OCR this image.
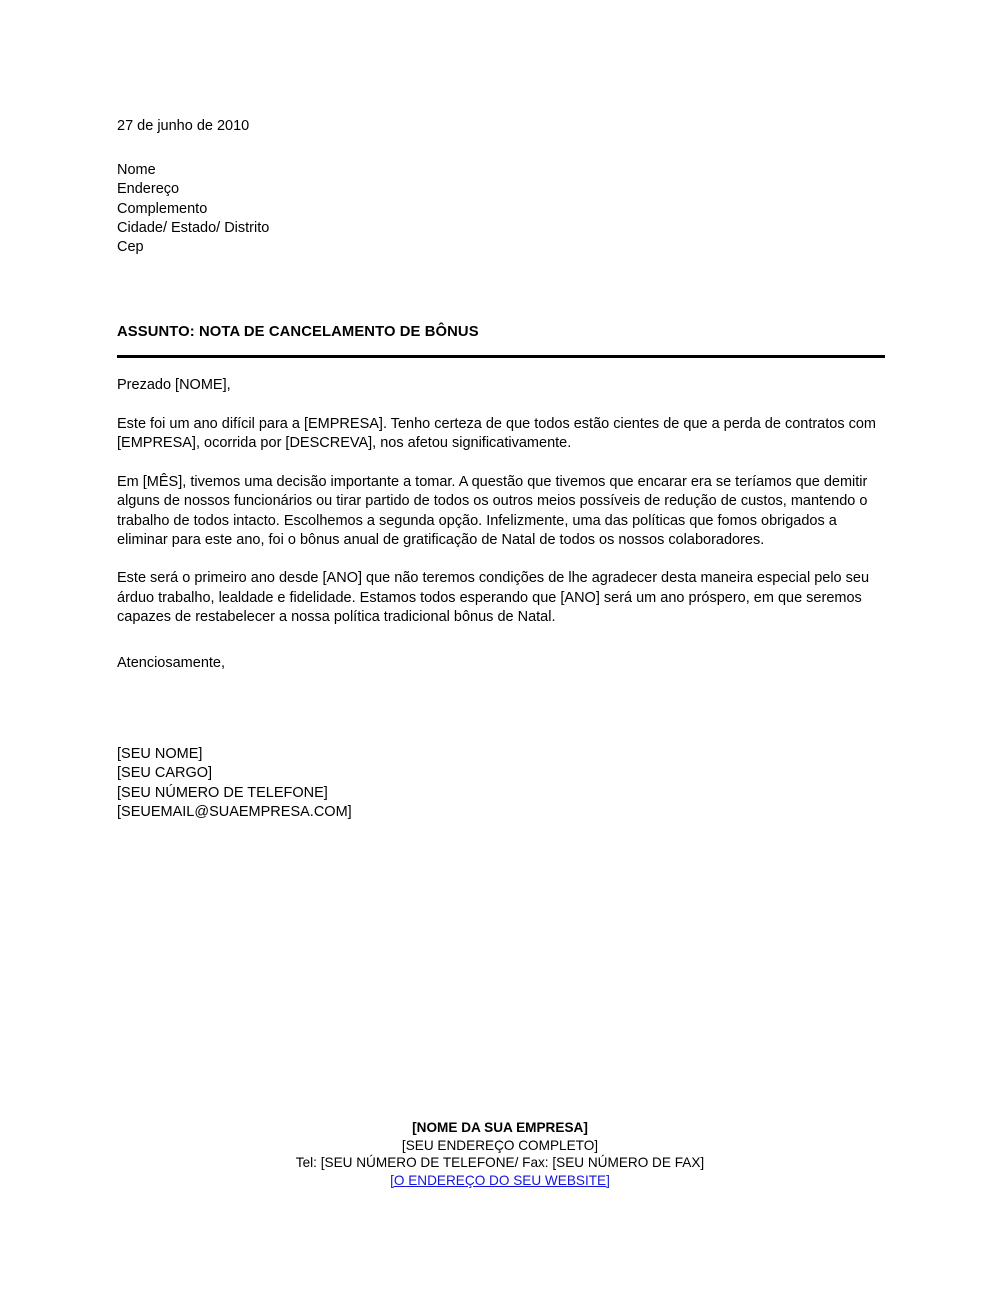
27 de junho de 2010
Nome
Endereço
Complemento
Cidade/ Estado/ Distrito
Cep
ASSUNTO: NOTA DE CANCELAMENTO DE BÔNUS
Prezado [NOME],
Este foi um ano difícil para a [EMPRESA]. Tenho certeza de que todos estão cientes de que a perda de contratos com [EMPRESA], ocorrida por [DESCREVA], nos afetou significativamente.
Em [MÊS], tivemos uma decisão importante a tomar. A questão que tivemos que encarar era se teríamos que demitir alguns de nossos funcionários ou tirar partido de todos os outros meios possíveis de redução de custos, mantendo o trabalho de todos intacto. Escolhemos a segunda opção. Infelizmente, uma das políticas que fomos obrigados a eliminar para este ano, foi o bônus anual de gratificação de Natal de todos os nossos colaboradores.
Este será o primeiro ano desde [ANO] que não teremos condições de lhe agradecer desta maneira especial pelo seu árduo trabalho, lealdade e fidelidade. Estamos todos esperando que [ANO] será um ano próspero, em que seremos capazes de restabelecer a nossa política tradicional bônus de Natal.
Atenciosamente,
[SEU NOME]
[SEU CARGO]
[SEU NÚMERO DE TELEFONE]
[SEUEMAIL@SUAEMPRESA.COM]
[NOME DA SUA EMPRESA]
[SEU ENDEREÇO COMPLETO]
Tel: [SEU NÚMERO DE TELEFONE/ Fax: [SEU NÚMERO DE FAX]
[O ENDEREÇO DO SEU WEBSITE]
